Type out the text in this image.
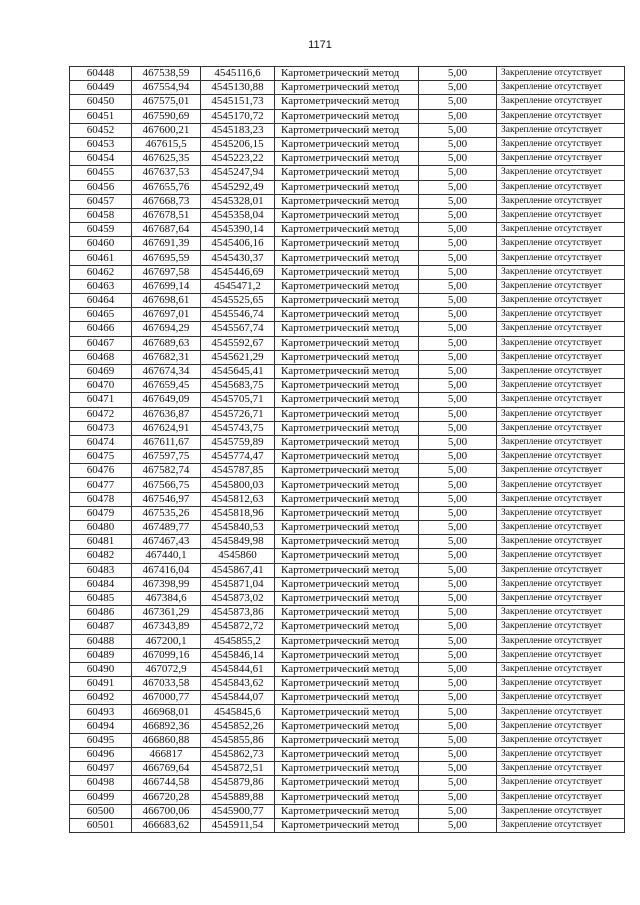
1171
60448	467538,59	4545116,6	Картометрический метод	5,00	Закрепление отсутствует
60449	467554,94	4545130,88	Картометрический метод	5,00	Закрепление отсутствует
60450	467575,01	4545151,73	Картометрический метод	5,00	Закрепление отсутствует
60451	467590,69	4545170,72	Картометрический метод	5,00	Закрепление отсутствует
60452	467600,21	4545183,23	Картометрический метод	5,00	Закрепление отсутствует
60453	467615,5	4545206,15	Картометрический метод	5,00	Закрепление отсутствует
60454	467625,35	4545223,22	Картометрический метод	5,00	Закрепление отсутствует
60455	467637,53	4545247,94	Картометрический метод	5,00	Закрепление отсутствует
60456	467655,76	4545292,49	Картометрический метод	5,00	Закрепление отсутствует
60457	467668,73	4545328,01	Картометрический метод	5,00	Закрепление отсутствует
60458	467678,51	4545358,04	Картометрический метод	5,00	Закрепление отсутствует
60459	467687,64	4545390,14	Картометрический метод	5,00	Закрепление отсутствует
60460	467691,39	4545406,16	Картометрический метод	5,00	Закрепление отсутствует
60461	467695,59	4545430,37	Картометрический метод	5,00	Закрепление отсутствует
60462	467697,58	4545446,69	Картометрический метод	5,00	Закрепление отсутствует
60463	467699,14	4545471,2	Картометрический метод	5,00	Закрепление отсутствует
60464	467698,61	4545525,65	Картометрический метод	5,00	Закрепление отсутствует
60465	467697,01	4545546,74	Картометрический метод	5,00	Закрепление отсутствует
60466	467694,29	4545567,74	Картометрический метод	5,00	Закрепление отсутствует
60467	467689,63	4545592,67	Картометрический метод	5,00	Закрепление отсутствует
60468	467682,31	4545621,29	Картометрический метод	5,00	Закрепление отсутствует
60469	467674,34	4545645,41	Картометрический метод	5,00	Закрепление отсутствует
60470	467659,45	4545683,75	Картометрический метод	5,00	Закрепление отсутствует
60471	467649,09	4545705,71	Картометрический метод	5,00	Закрепление отсутствует
60472	467636,87	4545726,71	Картометрический метод	5,00	Закрепление отсутствует
60473	467624,91	4545743,75	Картометрический метод	5,00	Закрепление отсутствует
60474	467611,67	4545759,89	Картометрический метод	5,00	Закрепление отсутствует
60475	467597,75	4545774,47	Картометрический метод	5,00	Закрепление отсутствует
60476	467582,74	4545787,85	Картометрический метод	5,00	Закрепление отсутствует
60477	467566,75	4545800,03	Картометрический метод	5,00	Закрепление отсутствует
60478	467546,97	4545812,63	Картометрический метод	5,00	Закрепление отсутствует
60479	467535,26	4545818,96	Картометрический метод	5,00	Закрепление отсутствует
60480	467489,77	4545840,53	Картометрический метод	5,00	Закрепление отсутствует
60481	467467,43	4545849,98	Картометрический метод	5,00	Закрепление отсутствует
60482	467440,1	4545860	Картометрический метод	5,00	Закрепление отсутствует
60483	467416,04	4545867,41	Картометрический метод	5,00	Закрепление отсутствует
60484	467398,99	4545871,04	Картометрический метод	5,00	Закрепление отсутствует
60485	467384,6	4545873,02	Картометрический метод	5,00	Закрепление отсутствует
60486	467361,29	4545873,86	Картометрический метод	5,00	Закрепление отсутствует
60487	467343,89	4545872,72	Картометрический метод	5,00	Закрепление отсутствует
60488	467200,1	4545855,2	Картометрический метод	5,00	Закрепление отсутствует
60489	467099,16	4545846,14	Картометрический метод	5,00	Закрепление отсутствует
60490	467072,9	4545844,61	Картометрический метод	5,00	Закрепление отсутствует
60491	467033,58	4545843,62	Картометрический метод	5,00	Закрепление отсутствует
60492	467000,77	4545844,07	Картометрический метод	5,00	Закрепление отсутствует
60493	466968,01	4545845,6	Картометрический метод	5,00	Закрепление отсутствует
60494	466892,36	4545852,26	Картометрический метод	5,00	Закрепление отсутствует
60495	466860,88	4545855,86	Картометрический метод	5,00	Закрепление отсутствует
60496	466817	4545862,73	Картометрический метод	5,00	Закрепление отсутствует
60497	466769,64	4545872,51	Картометрический метод	5,00	Закрепление отсутствует
60498	466744,58	4545879,86	Картометрический метод	5,00	Закрепление отсутствует
60499	466720,28	4545889,88	Картометрический метод	5,00	Закрепление отсутствует
60500	466700,06	4545900,77	Картометрический метод	5,00	Закрепление отсутствует
60501	466683,62	4545911,54	Картометрический метод	5,00	Закрепление отсутствует
